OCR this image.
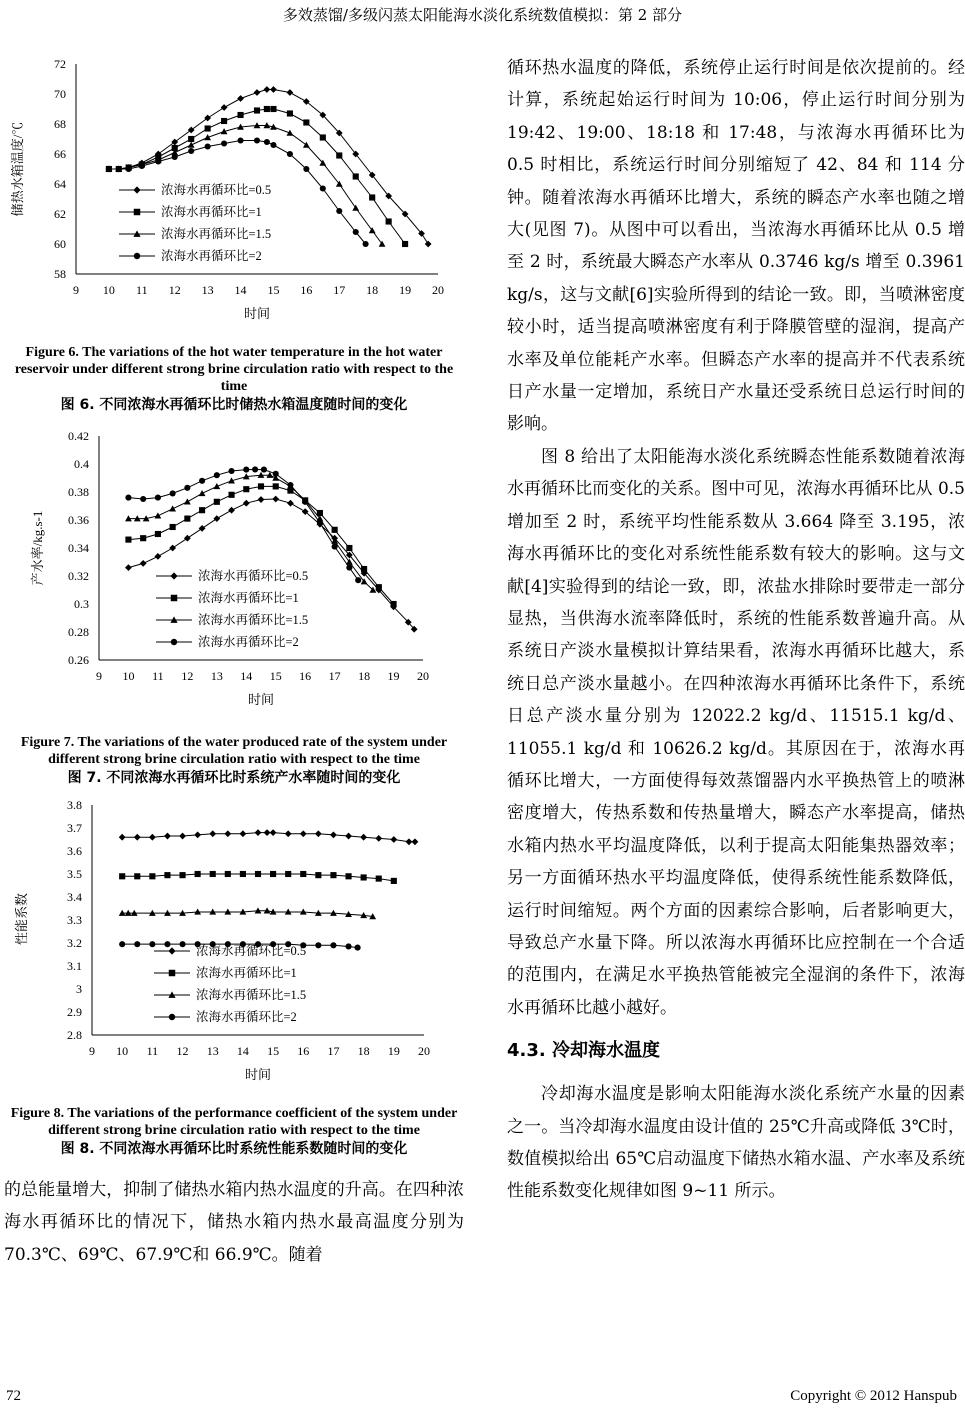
多效蒸馏/多级闪蒸太阳能海水淡化系统数值模拟：第 2 部分
9 10 11 12 13 14 15 16 17 18 19 20
58
60
62
64
66
68
70
72
时间
储热水箱温度/℃	浓海水再循环比=0.5
浓海水再循环比=1
浓海水再循环比=1.5
浓海水再循环比=2
Figure 6. The variations of the hot water temperature in the hot water reservoir under different strong brine circulation ratio with respect to the time
图 6. 不同浓海水再循环比时储热水箱温度随时间的变化
9 10 11 12 13 14 15 16 17 18 19 20
0.26
0.28
0.3
0.32
0.34
0.36
0.38
0.4
0.42
时间
产水率/kg.s-1	浓海水再循环比=0.5
浓海水再循环比=1
浓海水再循环比=1.5
浓海水再循环比=2
Figure 7. The variations of the water produced rate of the system under different strong brine circulation ratio with respect to the time
图 7. 不同浓海水再循环比时系统产水率随时间的变化
9 10 11 12 13 14 15 16 17 18 19 20
2.8
2.9
3
3.1
3.2
3.3
3.4
3.5
3.6
3.7
3.8
时间
性能系数
浓海水再循环比=0.5
浓海水再循环比=1
浓海水再循环比=1.5
浓海水再循环比=2
Figure 8. The variations of the performance coefficient of the system under different strong brine circulation ratio with respect to the time
图 8. 不同浓海水再循环比时系统性能系数随时间的变化

的总能量增大，抑制了储热水箱内热水温度的升高。在四种浓海水再循环比的情况下，储热水箱内热水最高温度分别为 70.3℃、69℃、67.9℃和 66.9℃。随着

循环热水温度的降低，系统停止运行时间是依次提前的。经计算，系统起始运行时间为 10:06，停止运行时间分别为 19:42、19:00、18:18 和 17:48，与浓海水再循环比为 0.5 时相比，系统运行时间分别缩短了 42、84 和 114 分钟。随着浓海水再循环比增大，系统的瞬态产水率也随之增大(见图 7)。从图中可以看出，当浓海水再循环比从 0.5 增至 2 时，系统最大瞬态产水率从 0.3746 kg/s 增至 0.3961 kg/s，这与文献[6]实验所得到的结论一致。即，当喷淋密度较小时，适当提高喷淋密度有利于降膜管壁的湿润，提高产水率及单位能耗产水率。但瞬态产水率的提高并不代表系统日产水量一定增加，系统日产水量还受系统日总运行时间的影响。

图 8 给出了太阳能海水淡化系统瞬态性能系数随着浓海水再循环比而变化的关系。图中可见，浓海水再循环比从 0.5 增加至 2 时，系统平均性能系数从 3.664 降至 3.195，浓海水再循环比的变化对系统性能系数有较大的影响。这与文献[4]实验得到的结论一致，即，浓盐水排除时要带走一部分显热，当供海水流率降低时，系统的性能系数普遍升高。从系统日产淡水量模拟计算结果看，浓海水再循环比越大，系统日总产淡水量越小。在四种浓海水再循环比条件下，系统日总产淡水量分别为 12022.2 kg/d、11515.1 kg/d、11055.1 kg/d 和 10626.2 kg/d。其原因在于，浓海水再循环比增大，一方面使得每效蒸馏器内水平换热管上的喷淋密度增大，传热系数和传热量增大，瞬态产水率提高，储热水箱内热水平均温度降低，以利于提高太阳能集热器效率；另一方面循环热水平均温度降低，使得系统性能系数降低，运行时间缩短。两个方面的因素综合影响，后者影响更大，导致总产水量下降。所以浓海水再循环比应控制在一个合适的范围内，在满足水平换热管能被完全湿润的条件下，浓海水再循环比越小越好。

4.3. 冷却海水温度

冷却海水温度是影响太阳能海水淡化系统产水量的因素之一。当冷却海水温度由设计值的 25℃升高或降低 3℃时，数值模拟给出 65℃启动温度下储热水箱水温、产水率及系统性能系数变化规律如图 9~11 所示。

72	Copyright © 2012 Hanspub
